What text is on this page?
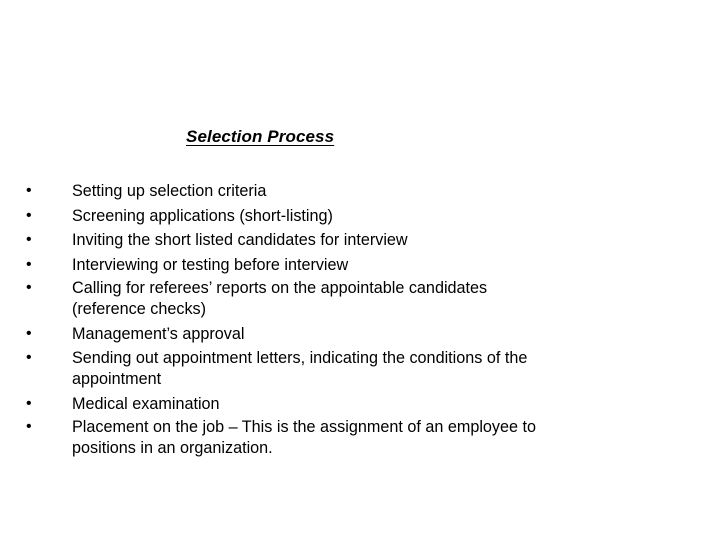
Selection Process
• Setting up selection criteria
• Screening applications (short-listing)
• Inviting the short listed candidates for interview
• Interviewing or testing before interview
• Calling for referees’ reports on the appointable candidates
(reference checks)
• Management’s approval
• Sending out appointment letters, indicating the conditions of the
appointment
• Medical examination
• Placement on the job – This is the assignment of an employee to
positions in an organization.
